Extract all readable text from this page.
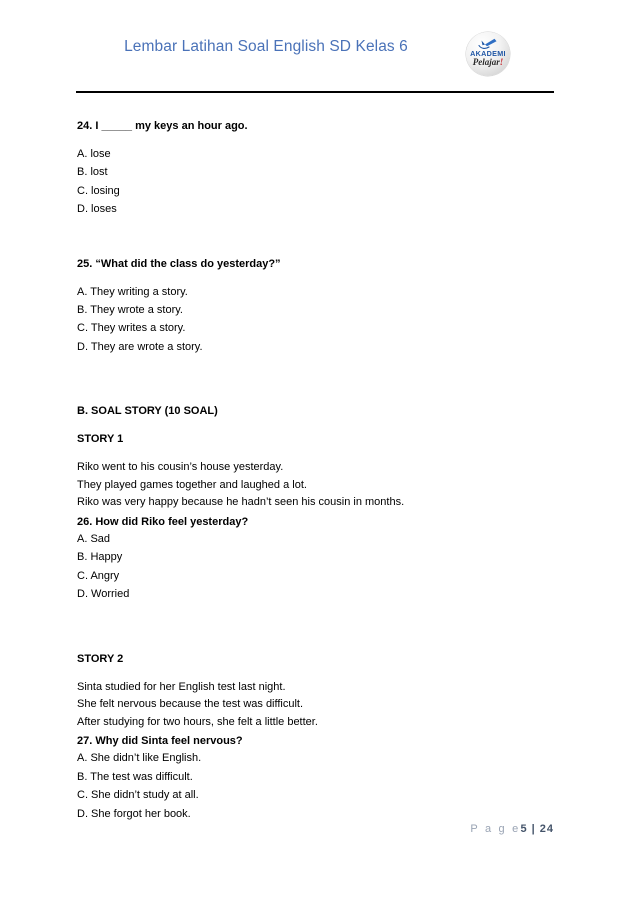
Lembar Latihan Soal English SD Kelas 6	AKADEMI
Pelajar!

24. I _____ my keys an hour ago.

A. lose

B. lost

C. losing

D. loses

25. “What did the class do yesterday?”

A. They writing a story.

B. They wrote a story.

C. They writes a story.

D. They are wrote a story.

B. SOAL STORY (10 SOAL)

STORY 1

Riko went to his cousin’s house yesterday.

They played games together and laughed a lot.

Riko was very happy because he hadn’t seen his cousin in months.

26. How did Riko feel yesterday?

A. Sad

B. Happy

C. Angry

D. Worried

STORY 2

Sinta studied for her English test last night.

She felt nervous because the test was difficult.

After studying for two hours, she felt a little better.

27. Why did Sinta feel nervous?

A. She didn’t like English.

B. The test was difficult.

C. She didn’t study at all.

D. She forgot her book.

P a g e5 | 24
